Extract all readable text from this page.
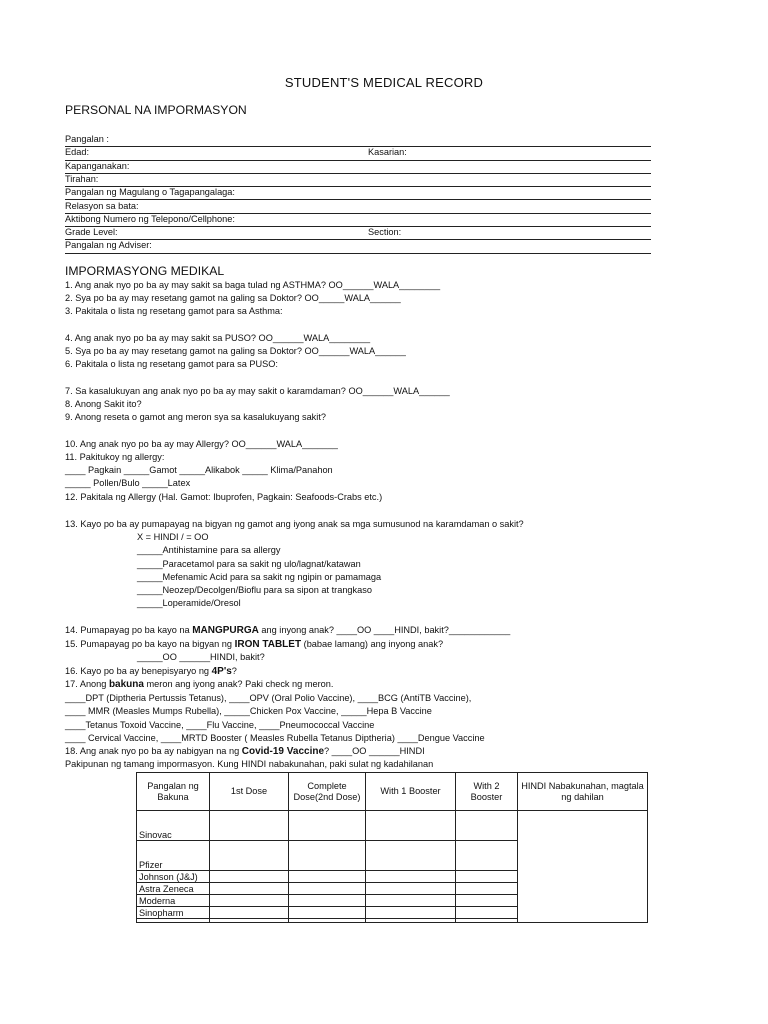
STUDENT'S MEDICAL RECORD
PERSONAL NA IMPORMASYON
Pangalan :
Edad:	Kasarian:
Kapanganakan:
Tirahan:
Pangalan ng Magulang o Tagapangalaga:
Relasyon sa bata:
Aktibong Numero ng Telepono/Cellphone:
Grade Level:	Section:
Pangalan ng Adviser:
IMPORMASYONG MEDIKAL
1. Ang anak nyo po ba ay may sakit sa baga tulad ng ASTHMA? OO______WALA________
2. Sya po ba ay may resetang gamot na galing sa Doktor? OO_____WALA______
3. Pakitala o lista ng resetang gamot para sa Asthma:
4. Ang anak nyo po ba ay may sakit sa PUSO? OO______WALA________
5. Sya po ba ay may resetang gamot na galing sa Doktor? OO______WALA______
6. Pakitala o lista ng resetang gamot para sa PUSO:
7. Sa kasalukuyan ang anak nyo po ba ay may sakit o karamdaman? OO______WALA______
8. Anong Sakit ito?
9. Anong reseta o gamot ang meron sya sa kasalukuyang sakit?
10. Ang anak nyo po ba ay may Allergy? OO______WALA_______
11. Pakitukoy ng allergy:
____ Pagkain _____Gamot _____Alikabok _____ Klima/Panahon
_____ Pollen/Bulo _____Latex
12. Pakitala ng Allergy (Hal. Gamot: Ibuprofen, Pagkain: Seafoods-Crabs etc.)
13. Kayo po ba ay pumapayag na bigyan ng gamot ang iyong anak sa mga sumusunod na karamdaman o sakit?
X = HINDI / = OO
_____Antihistamine para sa allergy
_____Paracetamol para sa sakit ng ulo/lagnat/katawan
_____Mefenamic Acid para sa sakit ng ngipin or pamamaga
_____Neozep/Decolgen/Bioflu para sa sipon at trangkaso
_____Loperamide/Oresol
14. Pumapayag po ba kayo na MANGPURGA ang inyong anak? ____OO ____HINDI, bakit?____________
15. Pumapayag po ba kayo na bigyan ng IRON TABLET (babae lamang) ang inyong anak?
_____OO ______HINDI, bakit?
16. Kayo po ba ay benepisyaryo ng 4P's?
17. Anong bakuna meron ang iyong anak? Paki check ng meron.
____DPT (Diptheria Pertussis Tetanus), ____OPV (Oral Polio Vaccine), ____BCG (AntiTB Vaccine),
____ MMR (Measles Mumps Rubella), _____Chicken Pox Vaccine, _____Hepa B Vaccine
____Tetanus Toxoid Vaccine, ____Flu Vaccine, ____Pneumococcal Vaccine
____ Cervical Vaccine, ____MRTD Booster ( Measles Rubella Tetanus Diptheria) ____Dengue Vaccine
18. Ang anak nyo po ba ay nabigyan na ng Covid-19 Vaccine? ____OO ______HINDI
Pakipunan ng tamang impormasyon. Kung HINDI nabakunahan, paki sulat ng kadahilanan
Pangalan ng Bakuna	1st Dose	Complete Dose(2nd Dose)	With 1 Booster	With 2 Booster	HINDI Nabakunahan, magtala ng dahilan
Sinovac					
Pfizer					
Johnson (J&J)					
Astra Zeneca					
Moderna					
Sinopharm					
